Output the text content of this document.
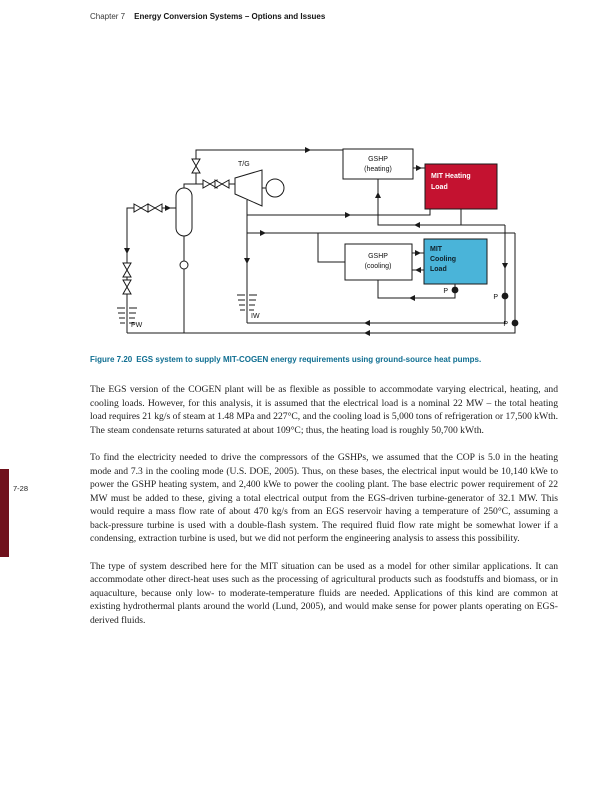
Chapter 7 Energy Conversion Systems – Options and Issues
T/G
GSHP
(heating)
MIT Heating
Load
GSHP
(cooling)
MIT
Cooling
Load
PW
IW
P
P
P
Figure 7.20 EGS system to supply MIT-COGEN energy requirements using ground-source heat pumps.

The EGS version of the COGEN plant will be as flexible as possible to accommodate varying electrical, heating, and cooling loads. However, for this analysis, it is assumed that the electrical load is a nominal 22 MW – the total heating load requires 21 kg/s of steam at 1.48 MPa and 227°C, and the cooling load is 5,000 tons of refrigeration or 17,500 kWth. The steam condensate returns saturated at about 109°C; thus, the heating load is roughly 50,700 kWth.

To find the electricity needed to drive the compressors of the GSHPs, we assumed that the COP is 5.0 in the heating mode and 7.3 in the cooling mode (U.S. DOE, 2005). Thus, on these bases, the electrical input would be 10,140 kWe to power the GSHP heating system, and 2,400 kWe to power the cooling plant. The base electric power requirement of 22 MW must be added to these, giving a total electrical output from the EGS-driven turbine-generator of 32.1 MW. This would require a mass flow rate of about 470 kg/s from an EGS reservoir having a temperature of 250°C, assuming a back-pressure turbine is used with a double-flash system. The required fluid flow rate might be somewhat lower if a condensing, extraction turbine is used, but we did not perform the engineering analysis to assess this possibility.

The type of system described here for the MIT situation can be used as a model for other similar applications. It can accommodate other direct-heat uses such as the processing of agricultural products such as foodstuffs and biomass, or in aquaculture, because only low- to moderate-temperature fluids are needed. Applications of this kind are common at existing hydrothermal plants around the world (Lund, 2005), and would make sense for power plants operating on EGS-derived fluids.

7-28
